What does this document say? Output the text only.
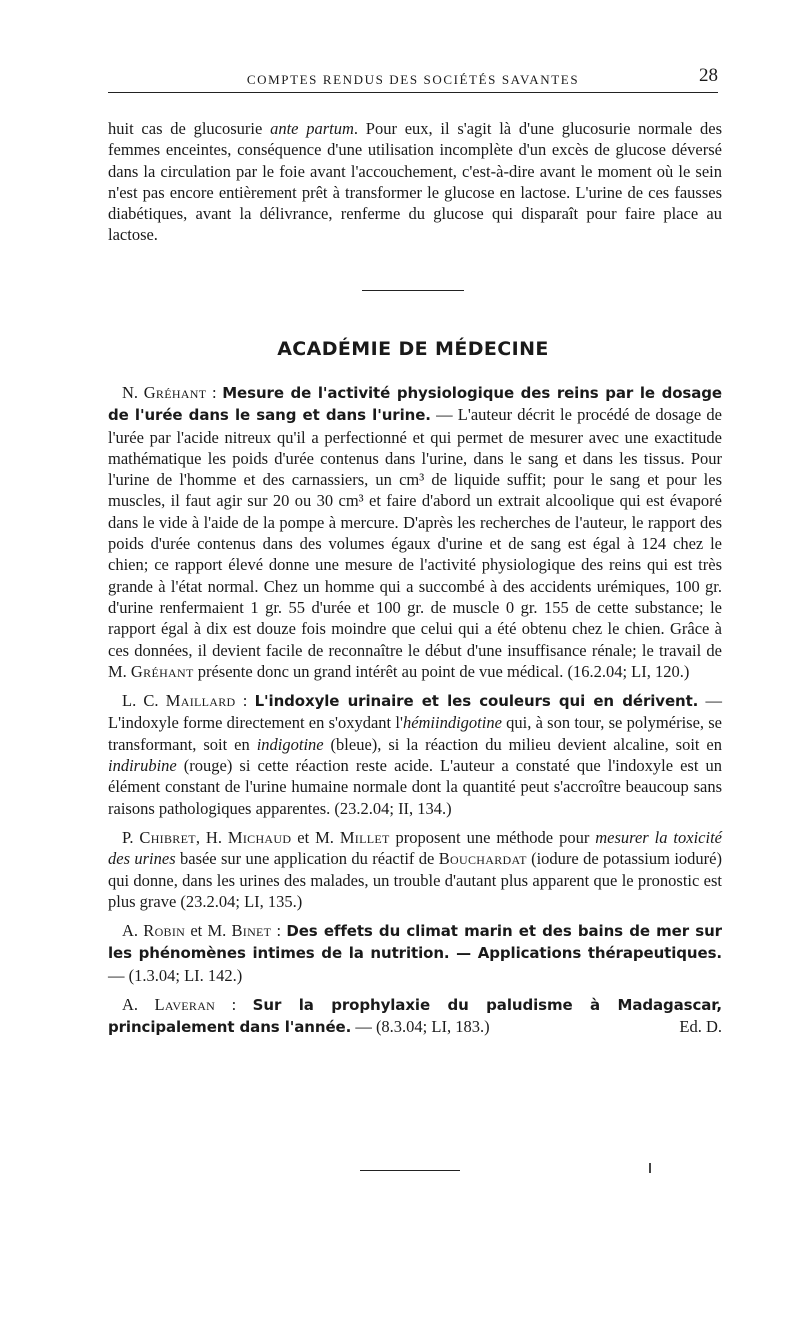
COMPTES RENDUS DES SOCIÉTÉS SAVANTES	28

huit cas de glucosurie ante partum. Pour eux, il s'agit là d'une glucosurie normale des femmes enceintes, conséquence d'une utilisation incomplète d'un excès de glucose déversé dans la circulation par le foie avant l'accouchement, c'est-à-dire avant le moment où le sein n'est pas encore entièrement prêt à transformer le glucose en lactose. L'urine de ces fausses diabétiques, avant la délivrance, renferme du glucose qui disparaît pour faire place au lactose.

ACADÉMIE DE MÉDECINE

N. Gréhant : Mesure de l'activité physiologique des reins par le dosage de l'urée dans le sang et dans l'urine. — L'auteur décrit le procédé de dosage de l'urée par l'acide nitreux qu'il a perfectionné et qui permet de mesurer avec une exactitude mathématique les poids d'urée contenus dans l'urine, dans le sang et dans les tissus. Pour l'urine de l'homme et des carnassiers, un cm³ de liquide suffit; pour le sang et pour les muscles, il faut agir sur 20 ou 30 cm³ et faire d'abord un extrait alcoolique qui est évaporé dans le vide à l'aide de la pompe à mercure. D'après les recherches de l'auteur, le rapport des poids d'urée contenus dans des volumes égaux d'urine et de sang est égal à 124 chez le chien; ce rapport élevé donne une mesure de l'activité physiologique des reins qui est très grande à l'état normal. Chez un homme qui a succombé à des accidents urémiques, 100 gr. d'urine renfermaient 1 gr. 55 d'urée et 100 gr. de muscle 0 gr. 155 de cette substance; le rapport égal à dix est douze fois moindre que celui qui a été obtenu chez le chien. Grâce à ces données, il devient facile de reconnaître le début d'une insuffisance rénale; le travail de M. Gréhant présente donc un grand intérêt au point de vue médical. (16.2.04; LI, 120.)

L. C. Maillard : L'indoxyle urinaire et les couleurs qui en dérivent. — L'indoxyle forme directement en s'oxydant l'hémiindigotine qui, à son tour, se polymérise, se transformant, soit en indigotine (bleue), si la réaction du milieu devient alcaline, soit en indirubine (rouge) si cette réaction reste acide. L'auteur a constaté que l'indoxyle est un élément constant de l'urine humaine normale dont la quantité peut s'accroître beaucoup sans raisons pathologiques apparentes. (23.2.04; II, 134.)

P. Chibret, H. Michaud et M. Millet proposent une méthode pour mesurer la toxicité des urines basée sur une application du réactif de Bouchardat (iodure de potassium ioduré) qui donne, dans les urines des malades, un trouble d'autant plus apparent que le pronostic est plus grave (23.2.04; LI, 135.)

A. Robin et M. Binet : Des effets du climat marin et des bains de mer sur les phénomènes intimes de la nutrition. — Applications thérapeutiques. — (1.3.04; LI. 142.)

A. Laveran : Sur la prophylaxie du paludisme à Madagascar, principalement dans l'année. — (8.3.04; LI, 183.)	Ed. D.
